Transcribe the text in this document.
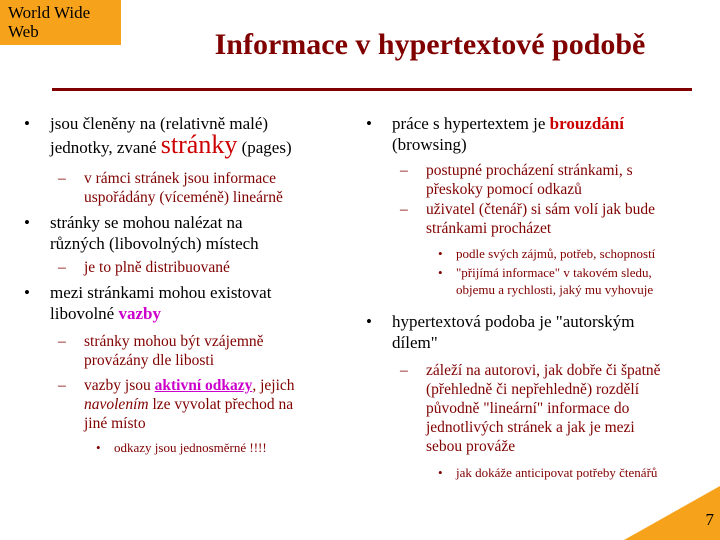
World Wide
Web	Informace v hypertextové podobě
• jsou členěny na (relativně malé)
jednotky, zvané stránky (pages)
– v rámci stránek jsou informace
uspořádány (víceméně) lineárně
• stránky se mohou nalézat na
různých (libovolných) místech
– je to plně distribuované
• mezi stránkami mohou existovat
libovolné vazby
– stránky mohou být vzájemně
provázány dle libosti
– vazby jsou aktivní odkazy, jejich
navolením lze vyvolat přechod na
jiné místo
• odkazy jsou jednosměrné !!!!
• práce s hypertextem je brouzdání
(browsing)
– postupné procházení stránkami, s
přeskoky pomocí odkazů
– uživatel (čtenář) si sám volí jak bude
stránkami procházet
• podle svých zájmů, potřeb, schopností
• "přijímá informace" v takovém sledu,
objemu a rychlosti, jaký mu vyhovuje
• hypertextová podoba je "autorským
dílem"
– záleží na autorovi, jak dobře či špatně
(přehledně či nepřehledně) rozdělí
původně "lineární" informace do
jednotlivých stránek a jak je mezi
sebou prováže
• jak dokáže anticipovat potřeby čtenářů
7
